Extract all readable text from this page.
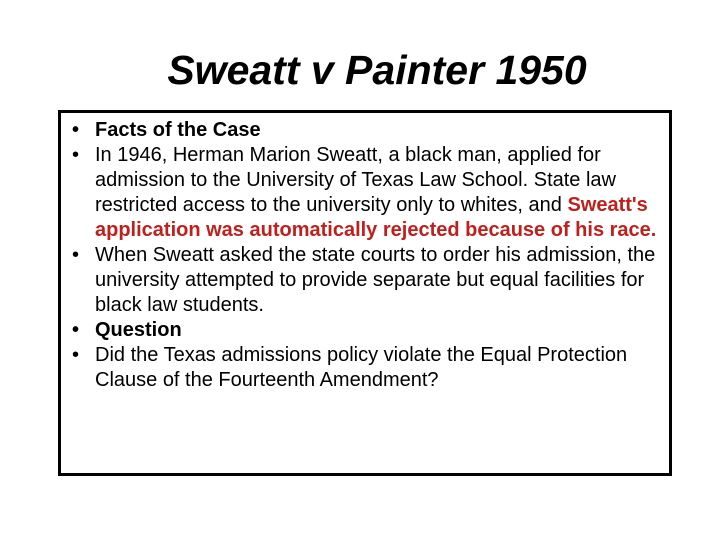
Sweatt v Painter 1950
• Facts of the Case
• In 1946, Herman Marion Sweatt, a black man, applied for admission to the University of Texas Law School. State law restricted access to the university only to whites, and Sweatt's application was automatically rejected because of his race.
• When Sweatt asked the state courts to order his admission, the university attempted to provide separate but equal facilities for black law students.
• Question
• Did the Texas admissions policy violate the Equal Protection Clause of the Fourteenth Amendment?
